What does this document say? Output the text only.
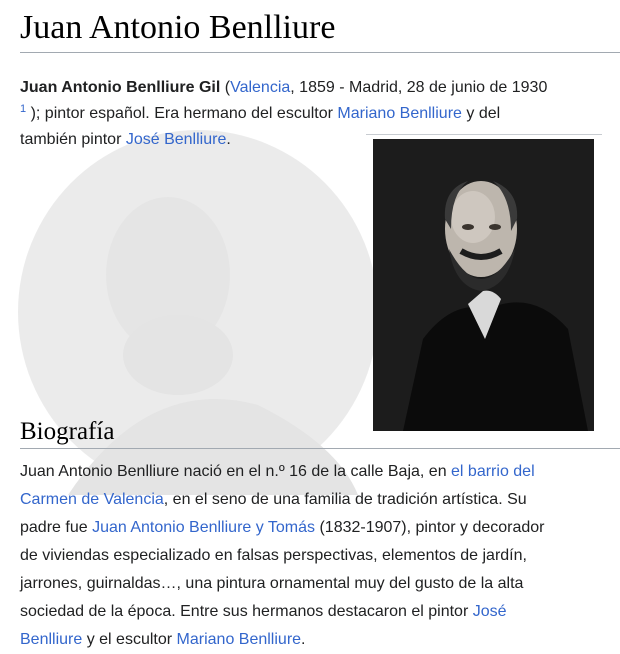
Juan Antonio Benlliure

Juan Antonio Benlliure Gil (Valencia, 1859 - Madrid, 28 de junio de 1930
$^1$ ); pintor español. Era hermano del escultor Mariano Benlliure y del
también pintor José Benlliure.

Biografía

Juan Antonio Benlliure nació en el n.º 16 de la calle Baja, en el barrio del
Carmen de Valencia, en el seno de una familia de tradición artística. Su
padre fue Juan Antonio Benlliure y Tomás (1832-1907), pintor y decorador
de viviendas especializado en falsas perspectivas, elementos de jardín,
jarrones, guirnaldas…, una pintura ornamental muy del gusto de la alta
sociedad de la época. Entre sus hermanos destacaron el pintor José
Benlliure y el escultor Mariano Benlliure.
